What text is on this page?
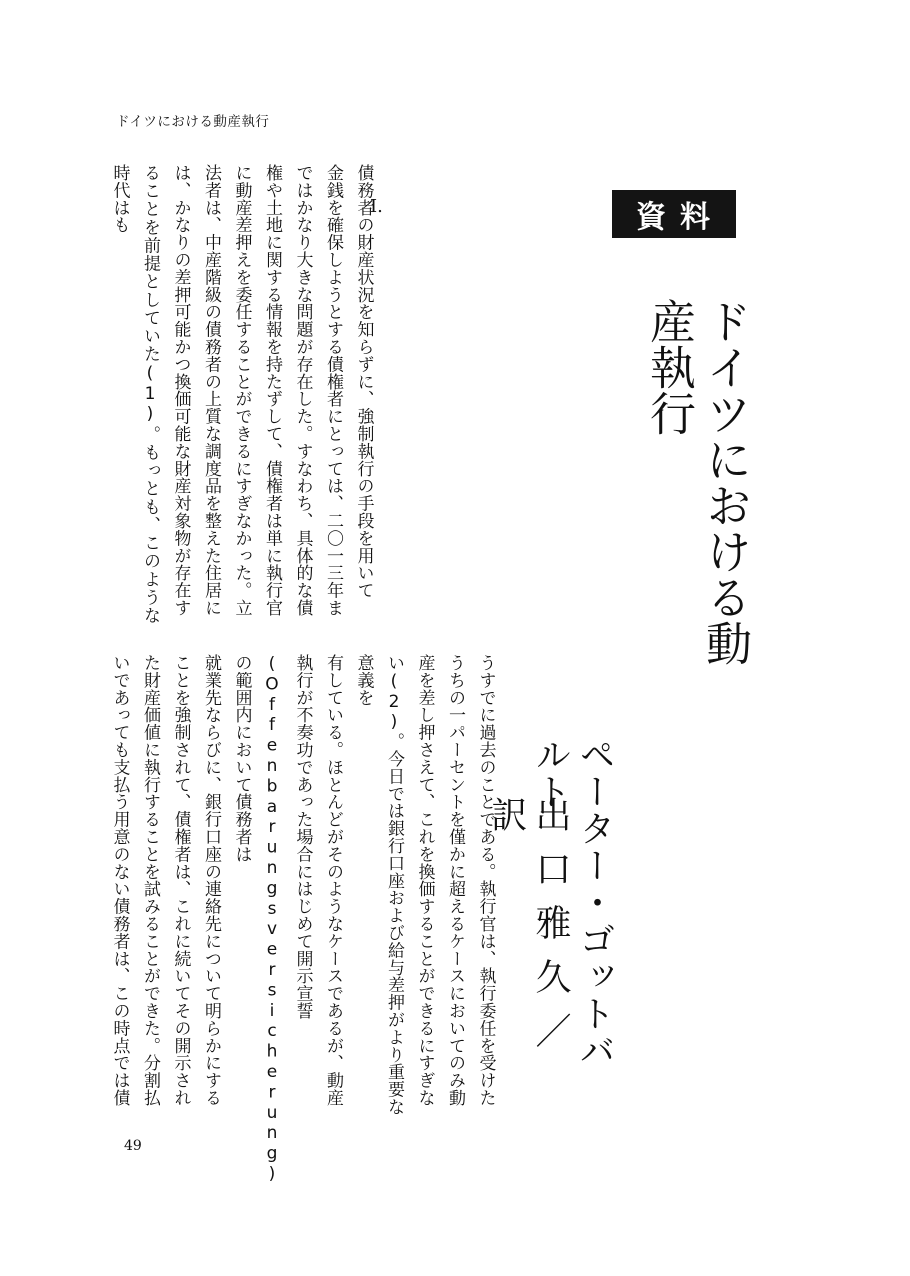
ドイツにおける動産執行
資料
ドイツにおける動産執行
ペーター・ゴットバルト
出口雅久／訳
Ⅰ.
債務者の財産状況を知らずに、強制執行の手段を用いて
金銭を確保しようとする債権者にとっては、二〇一三年ま
ではかなり大きな問題が存在した。すなわち、具体的な債
権や土地に関する情報を持たずして、債権者は単に執行官
に動産差押えを委任することができるにすぎなかった。立
法者は、中産階級の債務者の上質な調度品を整えた住居に
は、かなりの差押可能かつ換価可能な財産対象物が存在す
ることを前提としていた(1)。もっとも、このような時代はも
うすでに過去のことである。執行官は、執行委任を受けた
うちの一パーセントを僅かに超えるケースにおいてのみ動
産を差し押さえて、これを換価することができるにすぎな
い(2)。今日では銀行口座および給与差押がより重要な意義を
有している。ほとんどがそのようなケースであるが、動産
執行が不奏功であった場合にはじめて開示宣誓
(Offenbarungsversicherung)の範囲内において債務者は
就業先ならびに、銀行口座の連絡先について明らかにする
ことを強制されて、債権者は、これに続いてその開示され
た財産価値に執行することを試みることができた。分割払
いであっても支払う用意のない債務者は、この時点では債
49
